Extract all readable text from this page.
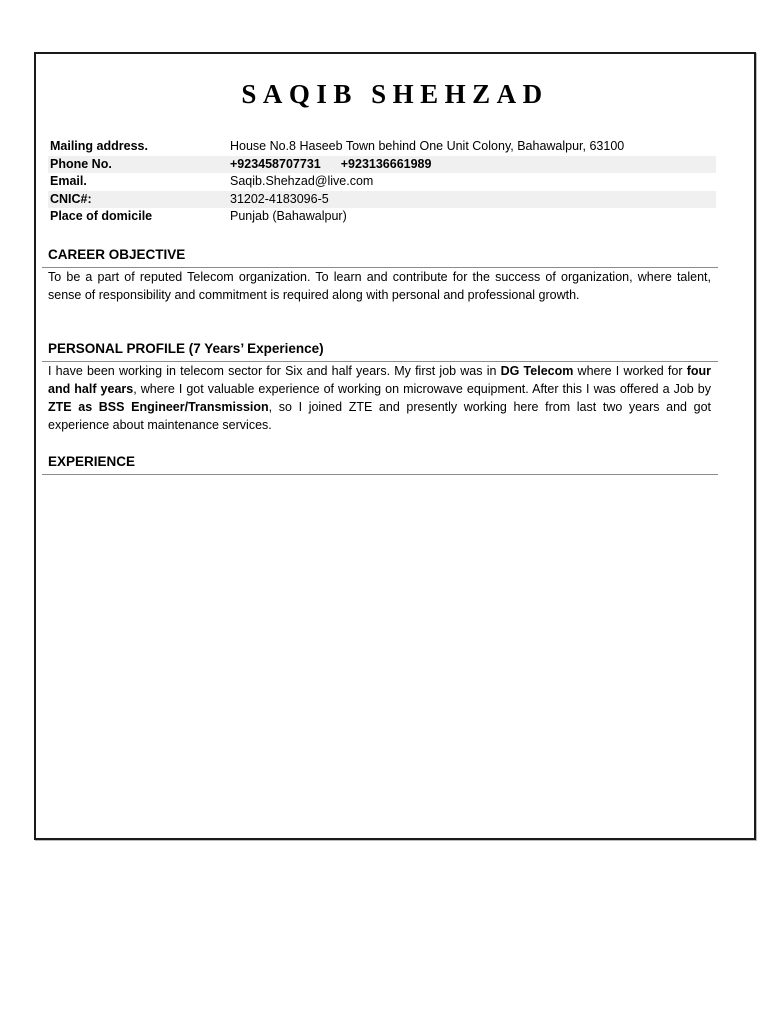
SAQIB SHEHZAD
Mailing address.	House No.8 Haseeb Town behind One Unit Colony, Bahawalpur, 63100
Phone No.	+923458707731 +923136661989
Email.	Saqib.Shehzad@live.com
CNIC#:	31202-4183096-5
Place of domicile	Punjab (Bahawalpur)
CAREER OBJECTIVE
To be a part of reputed Telecom organization. To learn and contribute for the success of organization, where talent, sense of responsibility and commitment is required along with personal and professional growth.
PERSONAL PROFILE (7 Years’ Experience)
I have been working in telecom sector for Six and half years. My first job was in DG Telecom where I worked for four and half years, where I got valuable experience of working on microwave equipment. After this I was offered a Job by ZTE as BSS Engineer/Transmission, so I joined ZTE and presently working here from last two years and got experience about maintenance services.
EXPERIENCE
